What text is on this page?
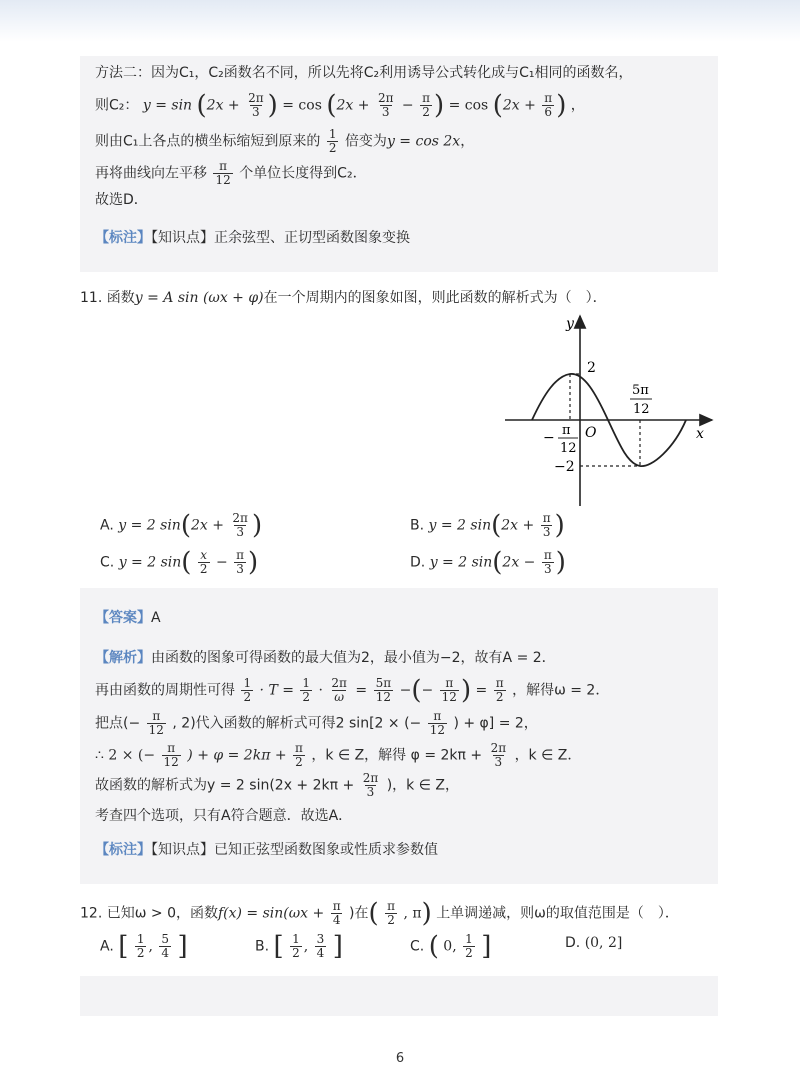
方法二：因为C₁，C₂函数名不同，所以先将C₂利用诱导公式转化成与C₁相同的函数名，
则C₂： $y = \sin (2x + \frac{2\pi}{3}$ ) = $\cos (2x + \frac{2\pi}{3} - \frac{\pi}{2}$ ) = $\cos (2x + \frac{\pi}{6}$ ) ，
则由C₁上各点的横坐标缩短到原来的 $\frac{1}{2}$ 倍变为y = cos 2x，
再将曲线向左平移 $\frac{\pi}{12}$ 个单位长度得到C₂．
故选D．
【标注】【知识点】正余弦型、正切型函数图象变换
11. 函数y = A sin (ωx + φ)在一个周期内的图象如图，则此函数的解析式为（　）．
y
x
O
2
−2
− π
12
5π
12
A. y = 2 $\sin(2x + \frac{2\pi}{3}$ )	B. y = 2 $\sin(2x + \frac{\pi}{3}$ )
C. y = 2 $\sin( \frac{x}{2} - \frac{\pi}{3}$ )	D. y = 2 $\sin(2x - \frac{\pi}{3}$ )
【答案】A
【解析】由函数的图象可得函数的最大值为2，最小值为−2，故有A = 2．
再由函数的周期性可得 $\frac{1}{2} \cdot T = \frac{1}{2} \cdot \frac{2\pi}{\omega} = \frac{5\pi}{12}$ −(− $\frac{\pi}{12}$ ) = $\frac{\pi}{2}$ ，解得ω = 2．
把点(− $\frac{\pi}{12}$ , 2)代入函数的解析式可得2 sin[2 × (− $\frac{\pi}{12}$ ) + φ] = 2，
∴ 2 × (− $\frac{\pi}{12}$ ) + $\varphi = 2k\pi + \frac{\pi}{2}$ ，k ∈ Z，解得 $\varphi = 2k\pi + \frac{2\pi}{3}$ ，k ∈ Z．
故函数的解析式为y = 2 $\sin(2x + 2k\pi + \frac{2\pi}{3}$ )，k ∈ Z，
考查四个选项，只有A符合题意．故选A．
【标注】【知识点】已知正弦型函数图象或性质求参数值
12. 已知ω > 0，函数$f(x) = \sin(\omega x + \frac{\pi}{4}$ )在( $\frac{\pi}{2}$ , π) 上单调递减，则ω的取值范围是（　）．
A. [ $\frac{1}{2}$ , $\frac{5}{4}$ ]	B. [ $\frac{1}{2}$ , $\frac{3}{4}$ ]	C. ( 0, $\frac{1}{2}$ ]	D. (0, 2]
6
